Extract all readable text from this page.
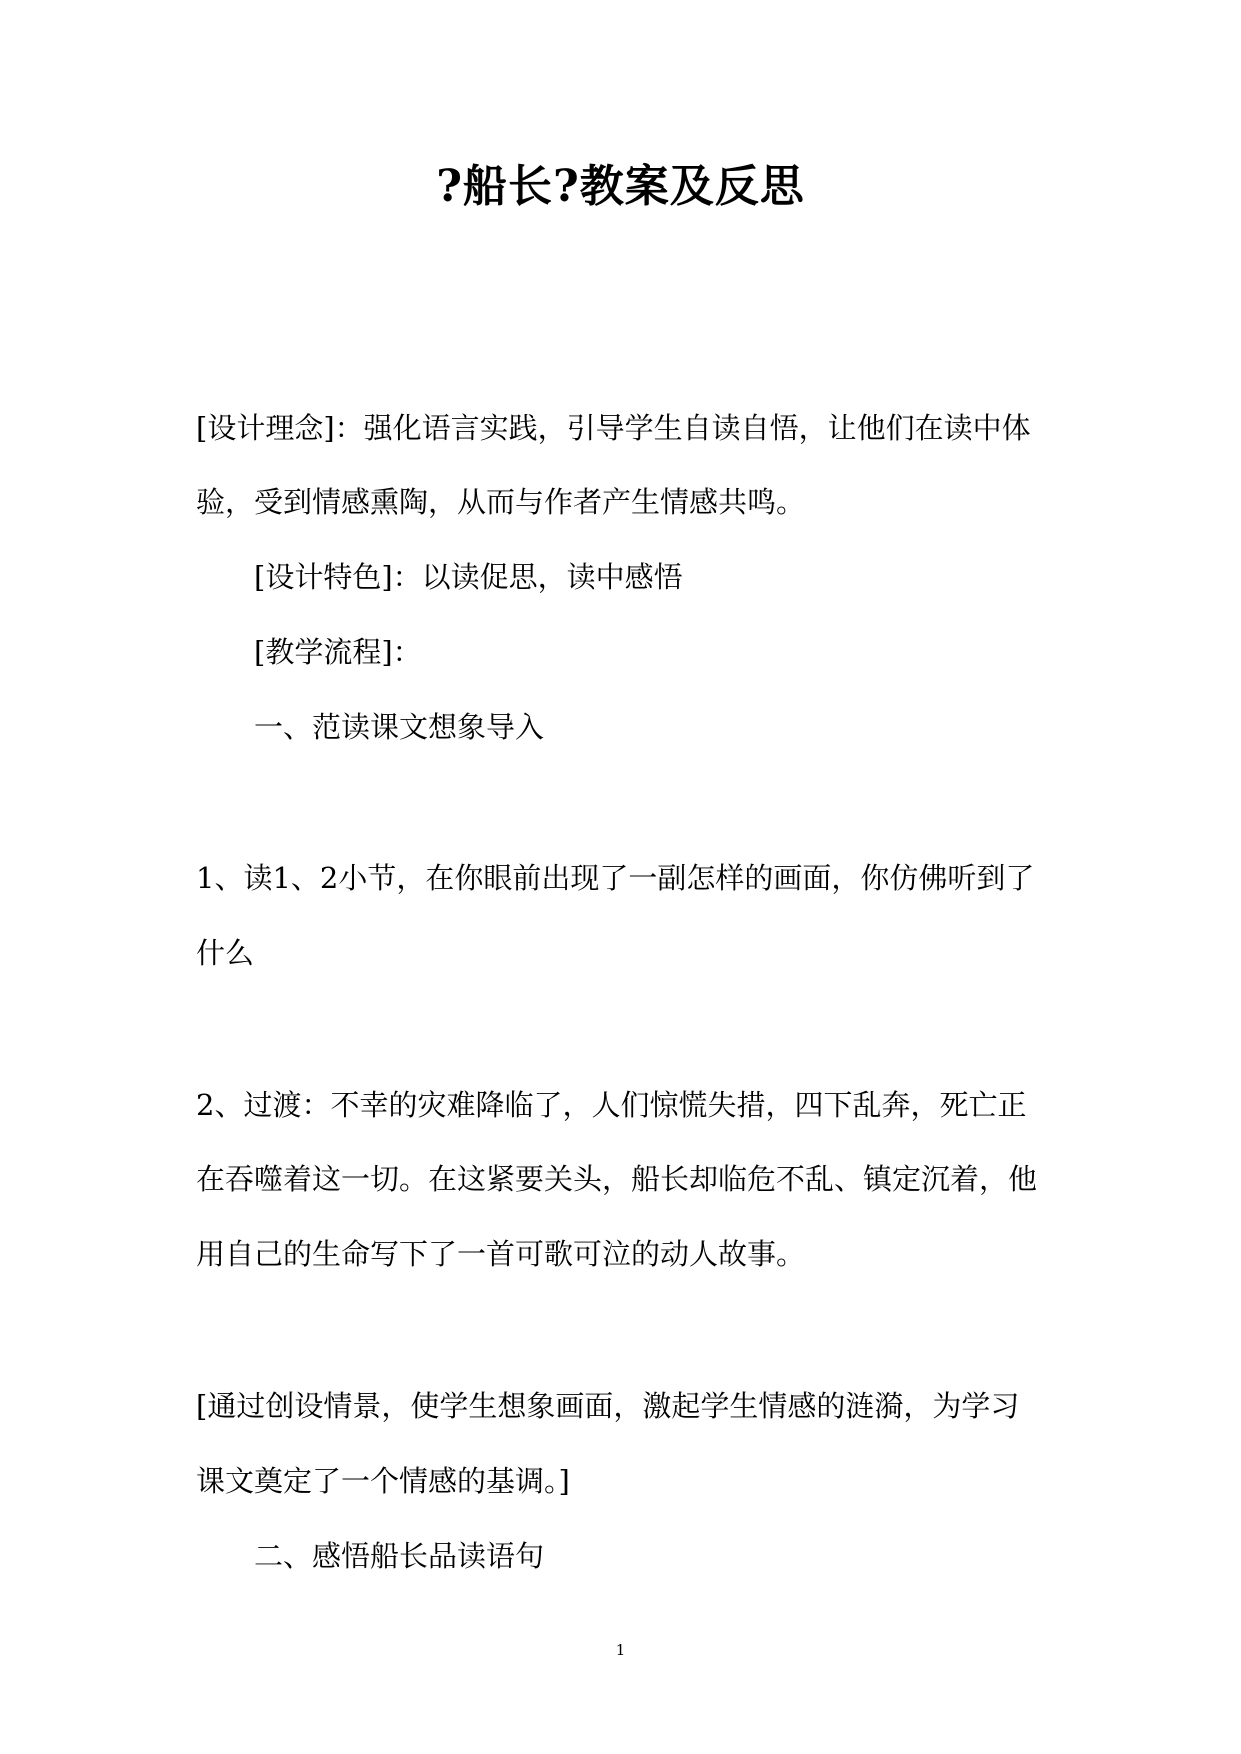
?船长?教案及反思
[设计理念]：强化语言实践，引导学生自读自悟，让他们在读中体
验，受到情感熏陶，从而与作者产生情感共鸣。
[设计特色]：以读促思，读中感悟
[教学流程]：
一、范读课文想象导入
1、读1、2小节，在你眼前出现了一副怎样的画面，你仿佛听到了
什么
2、过渡：不幸的灾难降临了，人们惊慌失措，四下乱奔，死亡正
在吞噬着这一切。在这紧要关头，船长却临危不乱、镇定沉着，他
用自己的生命写下了一首可歌可泣的动人故事。
[通过创设情景，使学生想象画面，激起学生情感的涟漪，为学习
课文奠定了一个情感的基调。]
二、感悟船长品读语句
1
